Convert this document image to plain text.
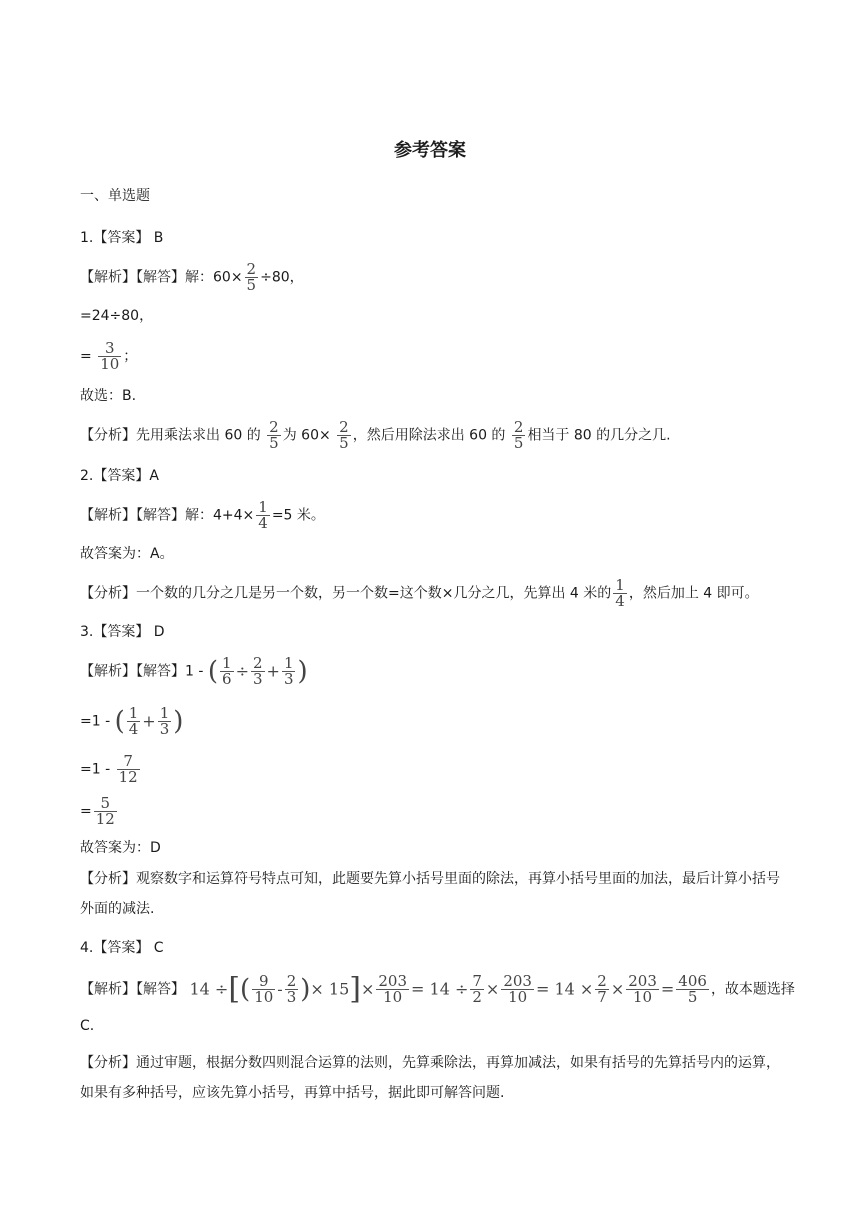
参考答案
一、单选题
1.【答案】 B
【解析】【解答】解：$60\times \frac{2}{5} \div 80$，
=24÷80，
= $\frac{3}{10}$ ；
故选：B.
【分析】先用乘法求出 60 的 $\frac{2}{5}$ 为 $60\times \frac{2}{5}$ ，然后用除法求出 60 的 $\frac{2}{5}$ 相当于 80 的几分之几.
2.【答案】A
【解析】【解答】解：$4+4\times \frac{1}{4} =5$ 米。
故答案为：A。
【分析】一个数的几分之几是另一个数，另一个数=这个数×几分之几，先算出 4 米的 $\frac{1}{4}$ ，然后加上 4 即可。
3.【答案】 D
【解析】【解答】1 - ( $\frac{1}{6} \div \frac{2}{3} + \frac{1}{3}$ )
=1 - ( $\frac{1}{4} + \frac{1}{3}$ )
$=1 - \frac{7}{12}$
= $\frac{5}{12}$
故答案为：D
【分析】观察数字和运算符号特点可知，此题要先算小括号里面的除法，再算小括号里面的加法，最后计算小括号外面的减法.
4.【答案】 C
【解析】【解答】 14 ÷[( $\frac{9}{10} - \frac{2}{3}$ )× $15]\times \frac{203}{10} = 14 \div \frac{7}{2} \times \frac{203}{10} = 14 \times \frac{2}{7} \times \frac{203}{10} = \frac{406}{5}$ ，故本题选择
C.
【分析】通过审题，根据分数四则混合运算的法则，先算乘除法，再算加减法，如果有括号的先算括号内的运算，如果有多种括号，应该先算小括号，再算中括号，据此即可解答问题.
